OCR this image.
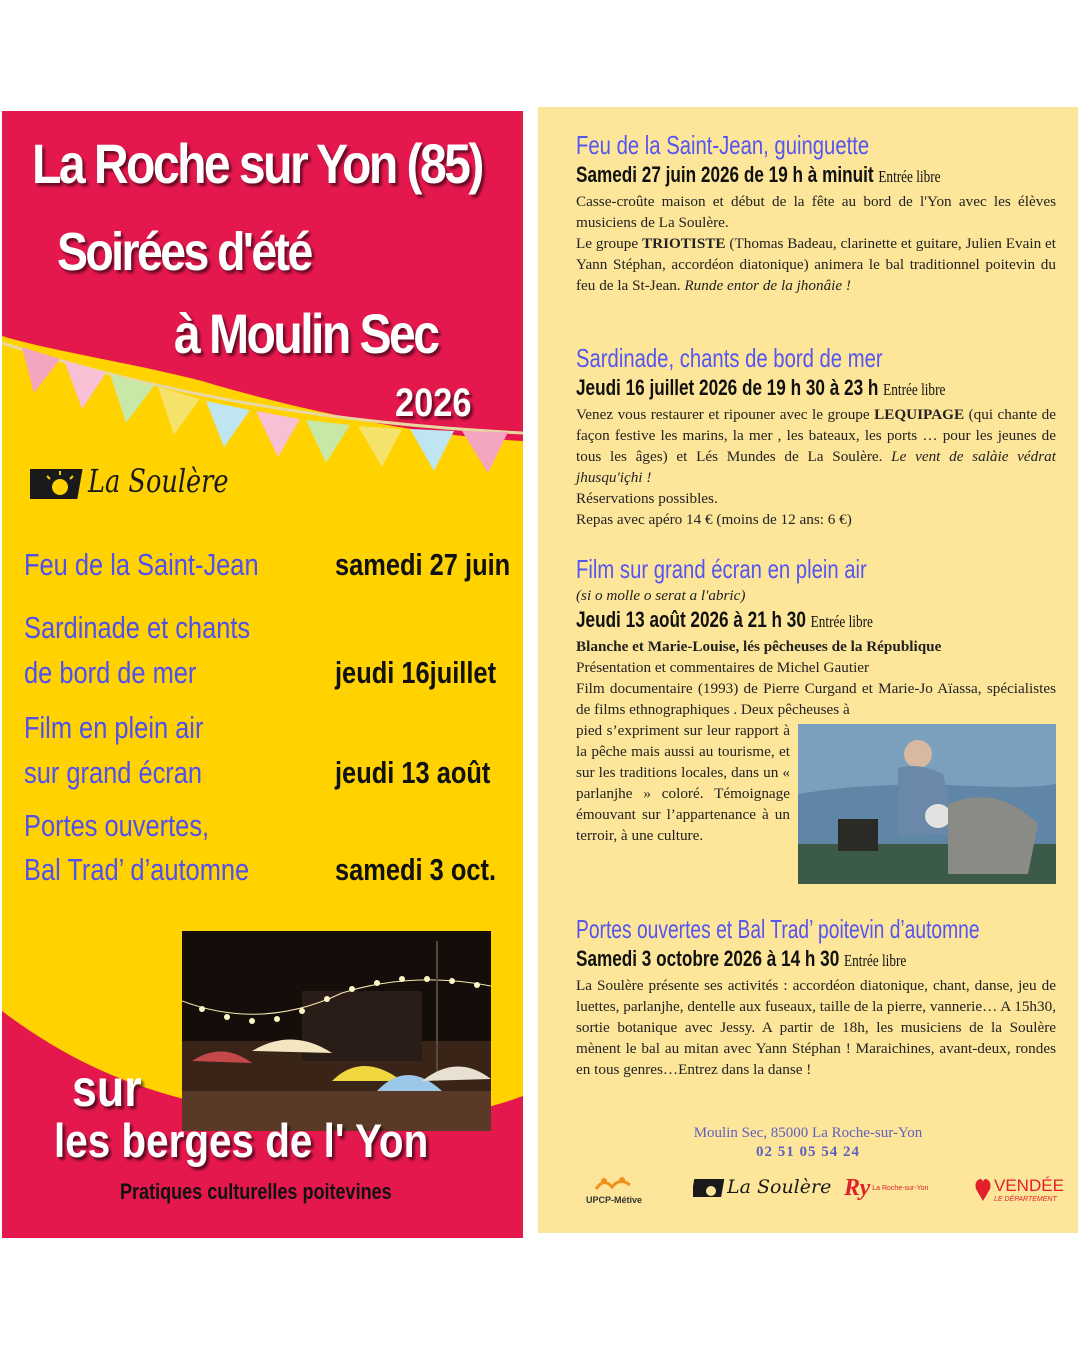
La Roche sur Yon (85)
Soirées d'été
à Moulin Sec
2026
La Soulère
Feu de la Saint-Jean samedi 27 juin
Sardinade et chants
de bord de mer	jeudi 16juillet
Film en plein air
sur grand écran	jeudi 13 août
Portes ouvertes,
Bal Trad’ d’automne	samedi 3 oct.
sur
les berges de l' Yon
Pratiques culturelles poitevines
Feu de la Saint-Jean, guinguette
Samedi 27 juin 2026 de 19 h à minuit Entrée libre
Casse-croûte maison et début de la fête au bord de l'Yon avec les élèves musiciens de La Soulère.
Le groupe TRIOTISTE (Thomas Badeau, clarinette et guitare, Julien Evain et Yann Stéphan, accordéon diatonique) animera le bal traditionnel poitevin du feu de la St-Jean. Runde entor de la jhonâie !
Sardinade, chants de bord de mer
Jeudi 16 juillet 2026 de 19 h 30 à 23 h Entrée libre
Venez vous restaurer et ripouner avec le groupe LEQUIPAGE (qui chante de façon festive les marins, la mer , les bateaux, les ports … pour les jeunes de tous les âges) et Lés Mundes de La Soulère. Le vent de salàie védrat jhusqu'içhi !
Réservations possibles.
Repas avec apéro 14 € (moins de 12 ans: 6 €)
Film sur grand écran en plein air
(si o molle o serat a l'abric)
Jeudi 13 août 2026 à 21 h 30 Entrée libre
Blanche et Marie-Louise, lés pêcheuses de la République
Présentation et commentaires de Michel Gautier
Film documentaire (1993) de Pierre Curgand et Marie-Jo Aïassa, spécialistes de films ethnographiques . Deux pêcheuses à
pied s’expriment sur leur rapport à la pêche mais aussi au tourisme, et sur les traditions locales, dans un « parlanjhe » coloré. Témoignage émouvant sur l’appartenance à un terroir, à une culture.
Portes ouvertes et Bal Trad’ poitevin d’automne
Samedi 3 octobre 2026 à 14 h 30 Entrée libre
La Soulère présente ses activités : accordéon diatonique, chant, danse, jeu de luettes, parlanjhe, dentelle aux fuseaux, taille de la pierre, vannerie… A 15h30, sortie botanique avec Jessy. A partir de 18h, les musiciens de la Soulère mènent le bal au mitan avec Yann Stéphan ! Maraichines, avant-deux, rondes en tous genres…Entrez dans la danse !
Moulin Sec, 85000 La Roche-sur-Yon
02 51 05 54 24
UPCP-Métive
La Soulère Ry La Roche-sur-Yon	VENDÉE
LE DÉPARTEMENT
